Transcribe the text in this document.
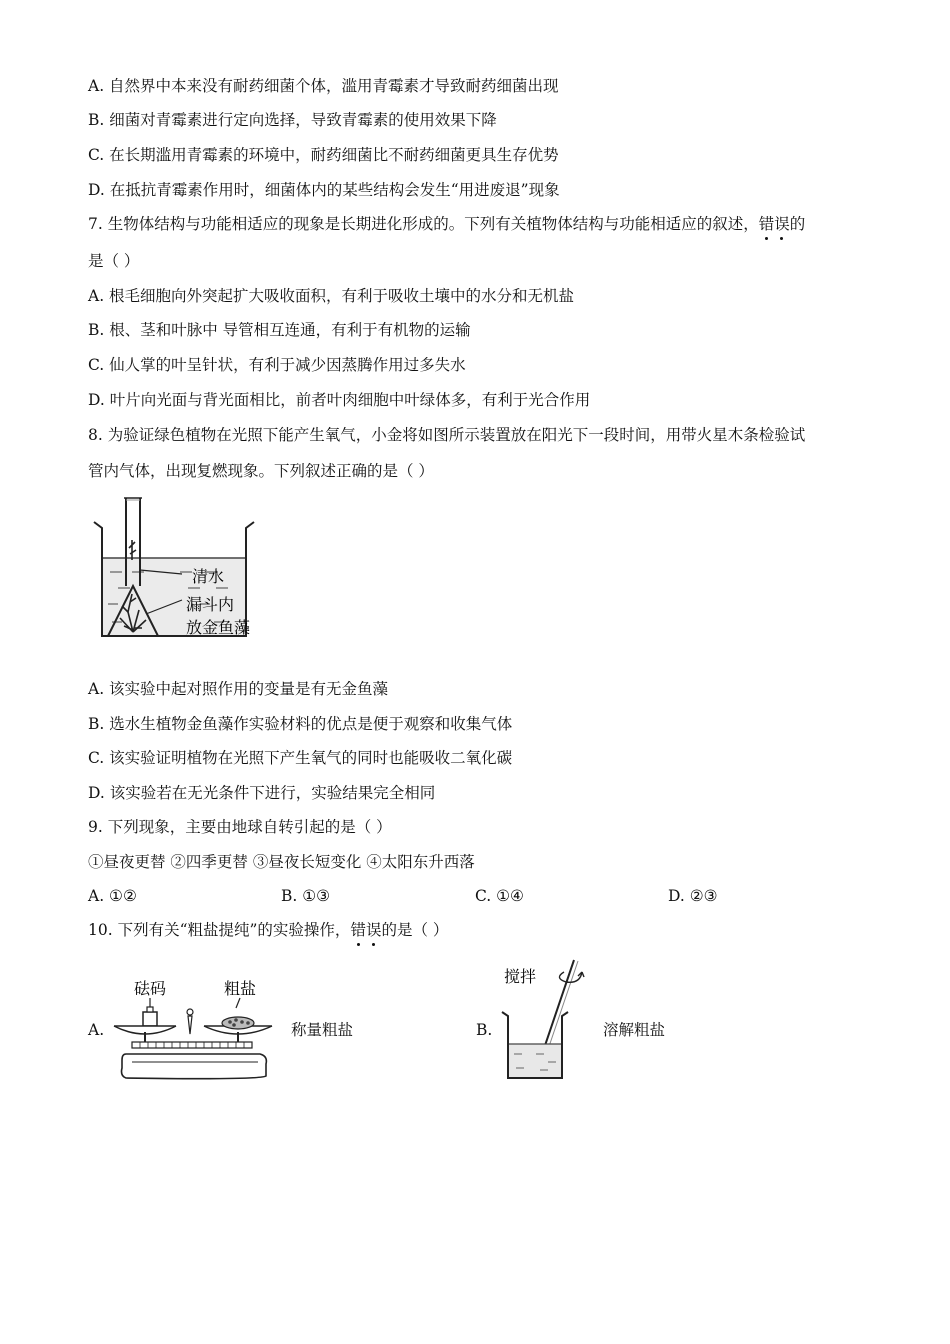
A. 自然界中本来没有耐药细菌个体，滥用青霉素才导致耐药细菌出现
B. 细菌对青霉素进行定向选择，导致青霉素的使用效果下降
C. 在长期滥用青霉素的环境中，耐药细菌比不耐药细菌更具生存优势
D. 在抵抗青霉素作用时，细菌体内的某些结构会发生“用进废退”现象
7. 生物体结构与功能相适应的现象是长期进化形成的。下列有关植物体结构与功能相适应的叙述，错误的
是（ ）
A. 根毛细胞向外突起扩大吸收面积，有利于吸收土壤中的水分和无机盐
B. 根、茎和叶脉中 导管相互连通，有利于有机物的运输
C. 仙人掌的叶呈针状，有利于减少因蒸腾作用过多失水
D. 叶片向光面与背光面相比，前者叶肉细胞中叶绿体多，有利于光合作用
8. 为验证绿色植物在光照下能产生氧气，小金将如图所示装置放在阳光下一段时间，用带火星木条检验试
管内气体，出现复燃现象。下列叙述正确的是（ ）
清水
漏斗内
放金鱼藻
A. 该实验中起对照作用的变量是有无金鱼藻
B. 选水生植物金鱼藻作实验材料的优点是便于观察和收集气体
C. 该实验证明植物在光照下产生氧气的同时也能吸收二氧化碳
D. 该实验若在无光条件下进行，实验结果完全相同
9. 下列现象，主要由地球自转引起的是（ ）
①昼夜更替 ②四季更替 ③昼夜长短变化 ④太阳东升西落
A. ①②	B. ①③	C. ①④	D. ②③
10. 下列有关“粗盐提纯”的实验操作，错误的是（ ）
A.
砝码	粗盐
称量粗盐	B.
搅拌
溶解粗盐
